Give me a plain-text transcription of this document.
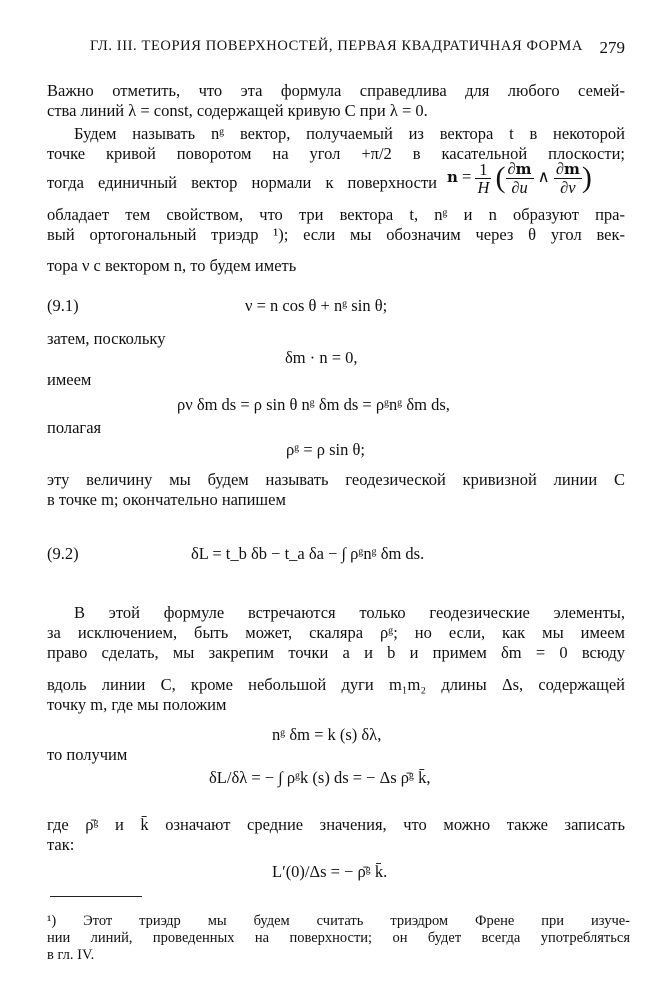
ГЛ. III. ТЕОРИЯ ПОВЕРХНОСТЕЙ, ПЕРВАЯ КВАДРАТИЧНАЯ ФОРМА 279
Важно отметить, что эта формула справедлива для любого семей-
ства линий λ = const, содержащей кривую C при λ = 0.
Будем называть nᵍ вектор, получаемый из вектора t в некоторой
точке кривой поворотом на угол +π/2 в касательной плоскости;
тогда единичный вектор нормали к поверхности $n = \frac{1}{H}$ ( $\frac{\partial m}{\partial u}$ ∧ $\frac{\partial m}{\partial v}$ )
обладает тем свойством, что три вектора t, nᵍ и n образуют пра-
вый ортогональный триэдр ¹); если мы обозначим через θ угол век-
тора ν с вектором n, то будем иметь
(9.1)	ν = n cos θ + nᵍ sin θ;
затем, поскольку
δm · n = 0,
имеем
ρν δm ds = ρ sin θ nᵍ δm ds = ρᵍnᵍ δm ds,
полагая
ρᵍ = ρ sin θ;
эту величину мы будем называть геодезической кривизной линии C
в точке m; окончательно напишем
(9.2)	δL = t_b δb − t_a δa − ∫ ρᵍnᵍ δm ds.
В этой формуле встречаются только геодезические элементы,
за исключением, быть может, скаляра ρᵍ; но если, как мы имеем
право сделать, мы закрепим точки a и b и примем δm = 0 всюду
вдоль линии C, кроме небольшой дуги m₁m₂ длины Δs, содержащей
точку m, где мы положим
nᵍ δm = k (s) δλ,
то получим
δL/δλ = − ∫ ρᵍk (s) ds = − Δs ρ̄ᵍ k̄,
где ρ̄ᵍ и k̄ означают средние значения, что можно также записать
так:
L′(0)/Δs = − ρ̄ᵍ k̄.
¹) Этот триэдр мы будем считать триэдром Френе при изуче-
нии линий, проведенных на поверхности; он будет всегда употребляться
в гл. IV.
